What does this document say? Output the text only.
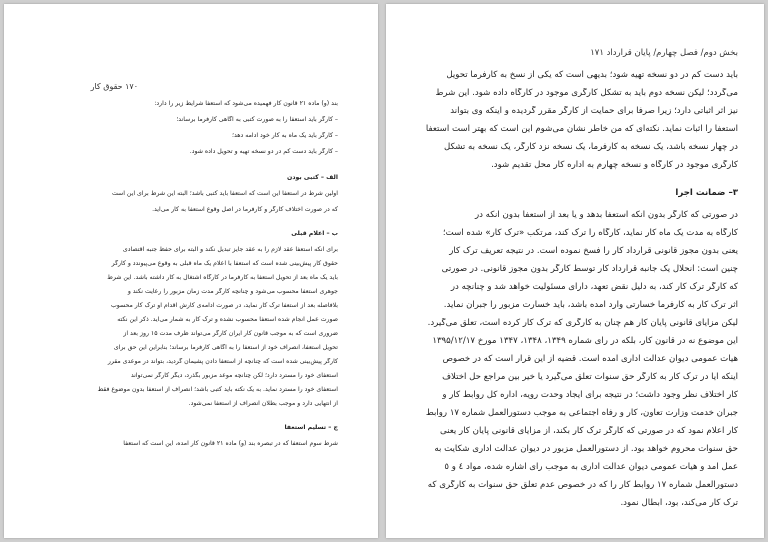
۱۷۰ حقوق کار
بند (و) ماده ۲۱ قانون کار فهمیده می‌شود که استعفا شرایط زیر را دارد:
– کارگر باید استعفا را به صورت کتبی به آگاهی کارفرما برساند؛
– کارگر باید یک ماه به کار خود ادامه دهد؛
– کارگر باید دست کم در دو نسخه تهیه و تحویل داده شود.
الف – کتبی بودن
اولین شرط در استعفا این است که استعفا باید کتبی باشد؛ البته این شرط برای این است
که در صورت اختلاف کارگر و کارفرما در اصل وقوع استعفا به کار می‌آید.
ب – اعلام قبلی
برای آنکه استعفا عقد لازم را به عقد جایز تبدیل نکند و البته برای حفظ جنبه اقتصادی
حقوق کار پیش‌بینی شده است که استعفا با اعلام یک ماه قبلی به وقوع می‌پیوندد و کارگر
باید یک ماه بعد از تحویل استعفا به کارفرما در کارگاه اشتغال به کار داشته باشد. این شرط
جوهری استعفا محسوب می‌شود و چنانچه کارگر مدت زمان مزبور را رعایت نکند و
بلافاصله بعد از استعفا ترک کار نماید، در صورت ادامه‌ی کارش اقدام او ترک کار محسوب
صورت عمل انجام شده استعفا محسوب نشده و ترک کار به شمار می‌آید. ذکر این نکته
ضروری است که به موجب قانون کار ایران کارگر می‌تواند ظرف مدت ۱۵ روز بعد از
تحویل استعفا، انصراف خود از استعفا را به آگاهی کارفرما برساند؛ بنابراین این حق برای
کارگر پیش‌بینی شده است که چنانچه از استعفا دادن پشیمان گردید، بتواند در موعدی مقرر
استعفای خود را مسترد دارد؛ لکن چنانچه موعد مزبور بگذرد، دیگر کارگر نمی‌تواند
استعفای خود را مسترد نماید. به یک نکته باید کتبی باشد؛ انصراف از استعفا بدون موضوع فقط
از انتهایی دارد و موجب بطلان انصراف از استعفا نمی‌شود.
ج – تسلیم استعفا
شرط سوم استعفا که در تبصره بند (و) ماده ۲۱ قانون کار آمده، این است که استعفا
بخش دوم/ فصل چهارم/ پایان قرارداد ۱۷۱
باید دست کم در دو نسخه تهیه شود؛ بدیهی است که یکی از نسخ به کارفرما تحویل
می‌گردد؛ لیکن نسخه دوم باید به تشکل کارگری موجود در کارگاه داده شود. این شرط
نیز اثر اثباتی دارد؛ زیرا صرفاً برای حمایت از کارگر مقرر گردیده و اینکه وی بتواند
استعفا را اثبات نماید. نکته‌ای که من خاطر نشان می‌شوم این است که بهتر است استعفا
در چهار نسخه باشد، یک نسخه به کارفرما، یک نسخه نزد کارگر، یک نسخه به تشکل
کارگری موجود در کارگاه و نسخه چهارم به اداره کار محل تقدیم شود.
۳– ضمانت اجرا
در صورتی که کارگر بدون آنکه استعفا بدهد و یا بعد از استعفا بدون آنکه در
کارگاه به مدت یک ماه کار نماید، کارگاه را ترک کند، مرتکب «ترک کار» شده است؛
یعنی بدون مجوز قانونی قرارداد کار را فسخ نموده است. در نتیجه تعریف ترک کار
چنین است: انحلال یک جانبه قرارداد کار توسط کارگر بدون مجوز قانونی. در صورتی
که کارگر ترک کار کند، به دلیل نقض تعهد، دارای مسئولیت خواهد شد و چنانچه در
اثر ترک کار به کارفرما خسارتی وارد آمده باشد، باید خسارت مزبور را جبران نماید.
لیکن مزایای قانونی پایان کار هم چنان به کارگری که ترک کار کرده است، تعلق می‌گیرد.
این موضوع نه در قانون کار، بلکه در رای شماره ۱۳۴۹، ۱۳۴۸، ۱۳۴۷ مورخ ۱۳۹۵/۱۲/۱۷
هیات عمومی دیوان عدالت اداری آمده است. قضیه از این قرار است که در خصوص
اینکه آیا در ترک کار به کارگر حق سنوات تعلق می‌گیرد یا خیر بین مراجع حل اختلاف
کار اختلاف نظر وجود داشت؛ در نتیجه برای ایجاد وحدت رویه، اداره کل روابط کار و
جبران خدمت وزارت تعاون، کار و رفاه اجتماعی به موجب دستورالعمل شماره ۱۷ روابط
کار اعلام نمود که در صورتی که کارگر ترک کار بکند، از مزایای قانونی پایان کار یعنی
حق سنوات محروم خواهد بود. از دستورالعمل مزبور در دیوان عدالت اداری شکایت به
عمل آمد و هیات عمومی دیوان عدالت اداری به موجب رای اشاره شده، مواد ٤ و ٥
دستورالعمل شماره ۱۷ روابط کار را که در خصوص عدم تعلق حق سنوات به کارگری که
ترک کار می‌کند، بود، ابطال نمود.
